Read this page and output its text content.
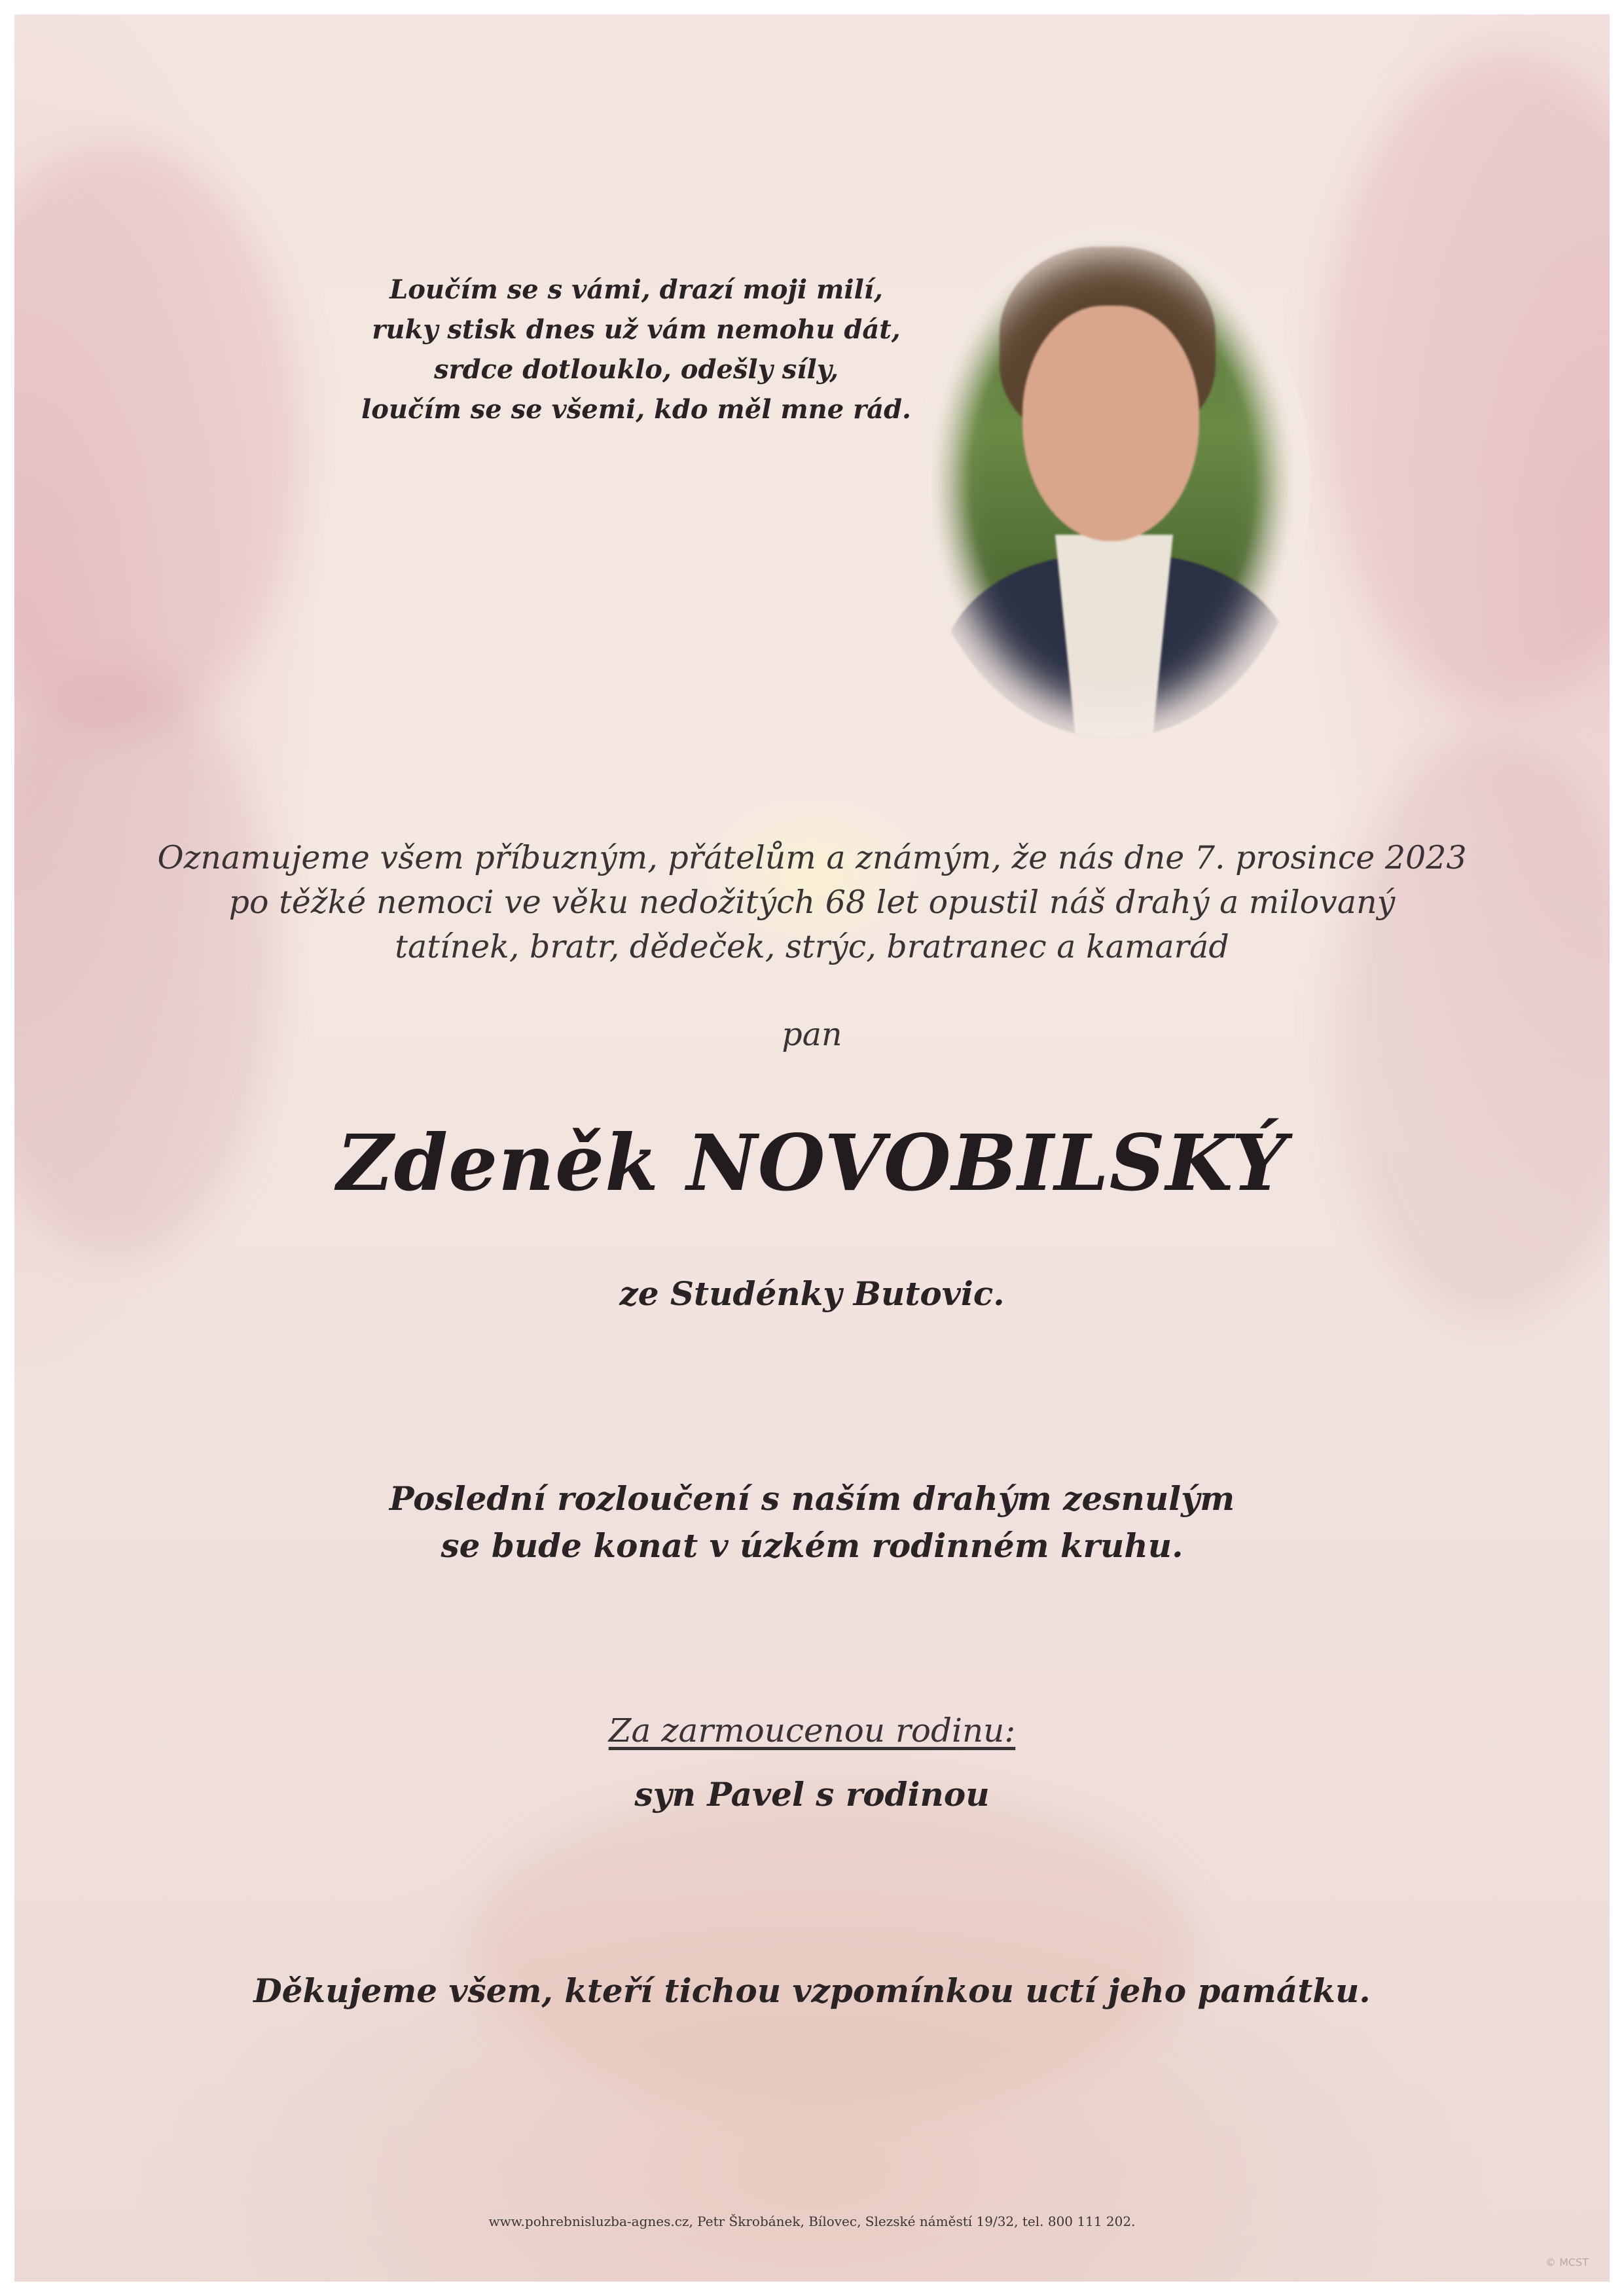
Loučím se s vámi, drazí moji milí,
ruky stisk dnes už vám nemohu dát,
srdce dotlouklo, odešly síly,
loučím se se všemi, kdo měl mne rád.
Oznamujeme všem příbuzným, přátelům a známým, že nás dne 7. prosince 2023
po těžké nemoci ve věku nedožitých 68 let opustil náš drahý a milovaný
tatínek, bratr, dědeček, strýc, bratranec a kamarád

pan

Zdeněk NOVOBILSKÝ

ze Studénky Butovic.

Poslední rozloučení s naším drahým zesnulým
se bude konat v úzkém rodinném kruhu.

Za zarmoucenou rodinu:

syn Pavel s rodinou

Děkujeme všem, kteří tichou vzpomínkou uctí jeho památku.

www.pohrebnisluzba-agnes.cz, Petr Škrobánek, Bílovec, Slezské náměstí 19/32, tel. 800 111 202.

© MCST
